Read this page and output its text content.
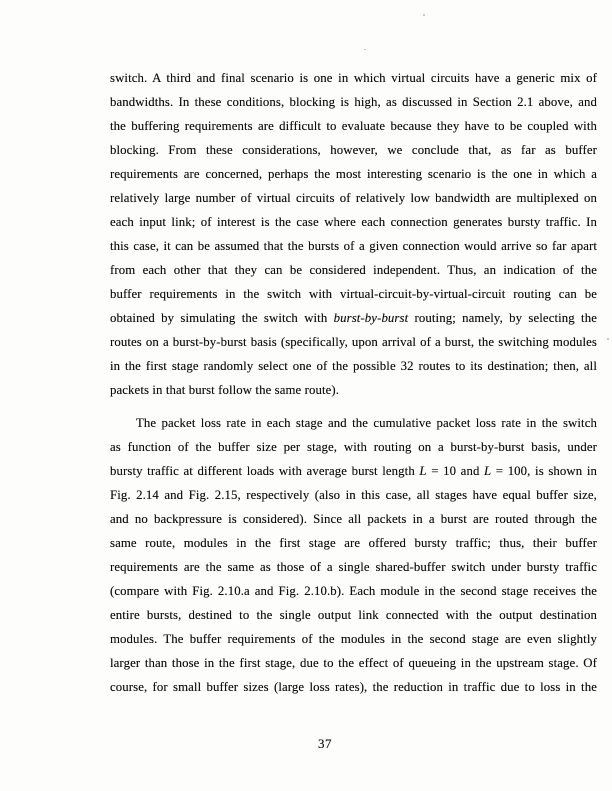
switch. A third and final scenario is one in which virtual circuits have a generic mix of
bandwidths. In these conditions, blocking is high, as discussed in Section 2.1 above, and
the buffering requirements are difficult to evaluate because they have to be coupled with
blocking. From these considerations, however, we conclude that, as far as buffer
requirements are concerned, perhaps the most interesting scenario is the one in which a
relatively large number of virtual circuits of relatively low bandwidth are multiplexed on
each input link; of interest is the case where each connection generates bursty traffic. In
this case, it can be assumed that the bursts of a given connection would arrive so far apart
from each other that they can be considered independent. Thus, an indication of the
buffer requirements in the switch with virtual-circuit-by-virtual-circuit routing can be
obtained by simulating the switch with burst-by-burst routing; namely, by selecting the
routes on a burst-by-burst basis (specifically, upon arrival of a burst, the switching modules
in the first stage randomly select one of the possible 32 routes to its destination; then, all
packets in that burst follow the same route).
The packet loss rate in each stage and the cumulative packet loss rate in the switch
as function of the buffer size per stage, with routing on a burst-by-burst basis, under
bursty traffic at different loads with average burst length L = 10 and L = 100, is shown in
Fig. 2.14 and Fig. 2.15, respectively (also in this case, all stages have equal buffer size,
and no backpressure is considered). Since all packets in a burst are routed through the
same route, modules in the first stage are offered bursty traffic; thus, their buffer
requirements are the same as those of a single shared-buffer switch under bursty traffic
(compare with Fig. 2.10.a and Fig. 2.10.b). Each module in the second stage receives the
entire bursts, destined to the single output link connected with the output destination
modules. The buffer requirements of the modules in the second stage are even slightly
larger than those in the first stage, due to the effect of queueing in the upstream stage. Of
course, for small buffer sizes (large loss rates), the reduction in traffic due to loss in the
37
